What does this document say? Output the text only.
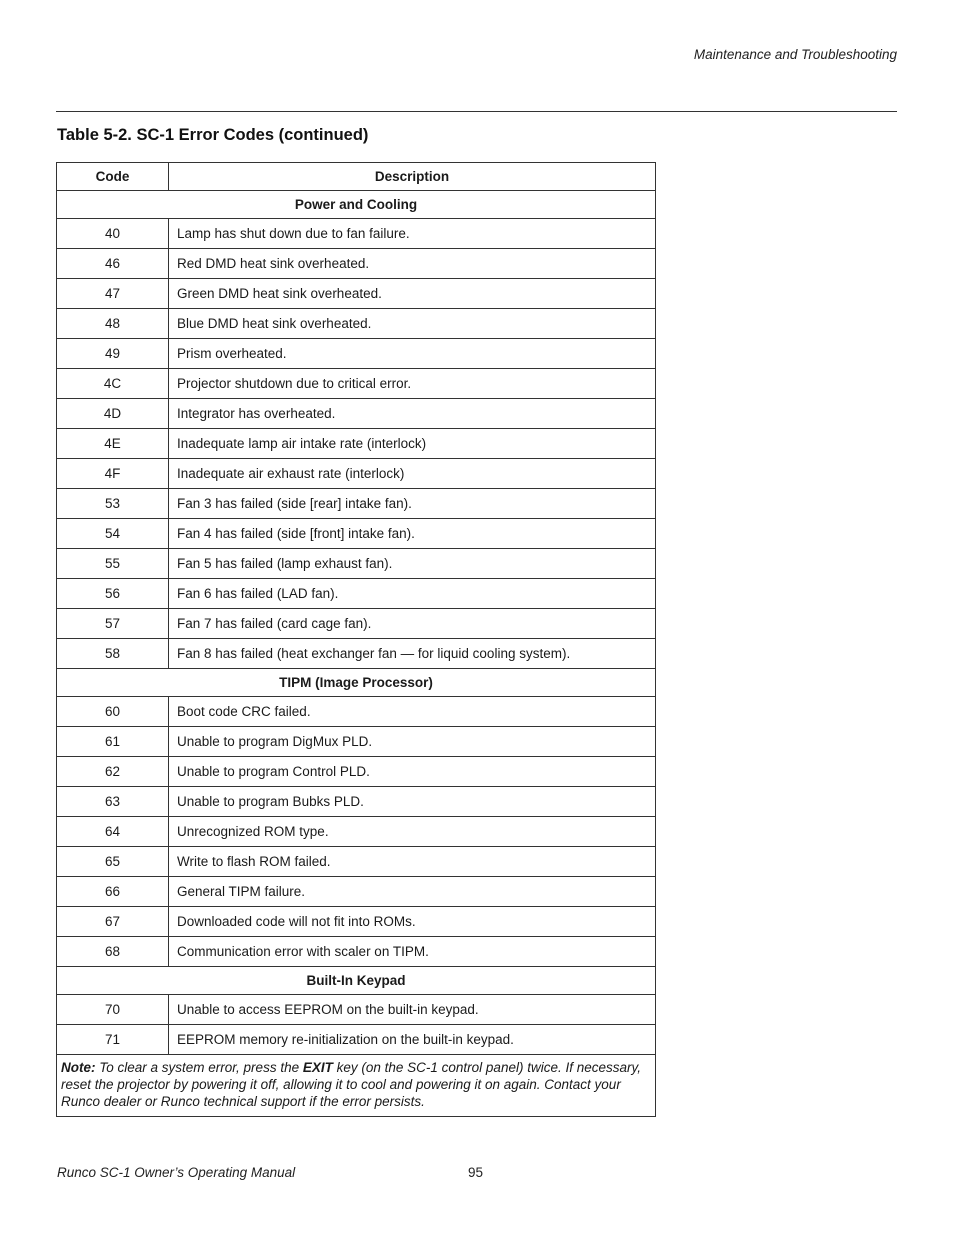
Maintenance and Troubleshooting
Table 5-2. SC-1 Error Codes (continued)
Code	Description
Power and Cooling	
40	Lamp has shut down due to fan failure.
46	Red DMD heat sink overheated.
47	Green DMD heat sink overheated.
48	Blue DMD heat sink overheated.
49	Prism overheated.
4C	Projector shutdown due to critical error.
4D	Integrator has overheated.
4E	Inadequate lamp air intake rate (interlock)
4F	Inadequate air exhaust rate (interlock)
53	Fan 3 has failed (side [rear] intake fan).
54	Fan 4 has failed (side [front] intake fan).
55	Fan 5 has failed (lamp exhaust fan).
56	Fan 6 has failed (LAD fan).
57	Fan 7 has failed (card cage fan).
58	Fan 8 has failed (heat exchanger fan — for liquid cooling system).
TIPM (Image Processor)	
60	Boot code CRC failed.
61	Unable to program DigMux PLD.
62	Unable to program Control PLD.
63	Unable to program Bubks PLD.
64	Unrecognized ROM type.
65	Write to flash ROM failed.
66	General TIPM failure.
67	Downloaded code will not fit into ROMs.
68	Communication error with scaler on TIPM.
Built-In Keypad	
70	Unable to access EEPROM on the built-in keypad.
71	EEPROM memory re-initialization on the built-in keypad.
Note: To clear a system error, press the EXIT key (on the SC-1 control panel) twice. If necessary, reset the projector by powering it off, allowing it to cool and powering it on again. Contact your Runco dealer or Runco technical support if the error persists.	
Runco SC-1 Owner’s Operating Manual	95
